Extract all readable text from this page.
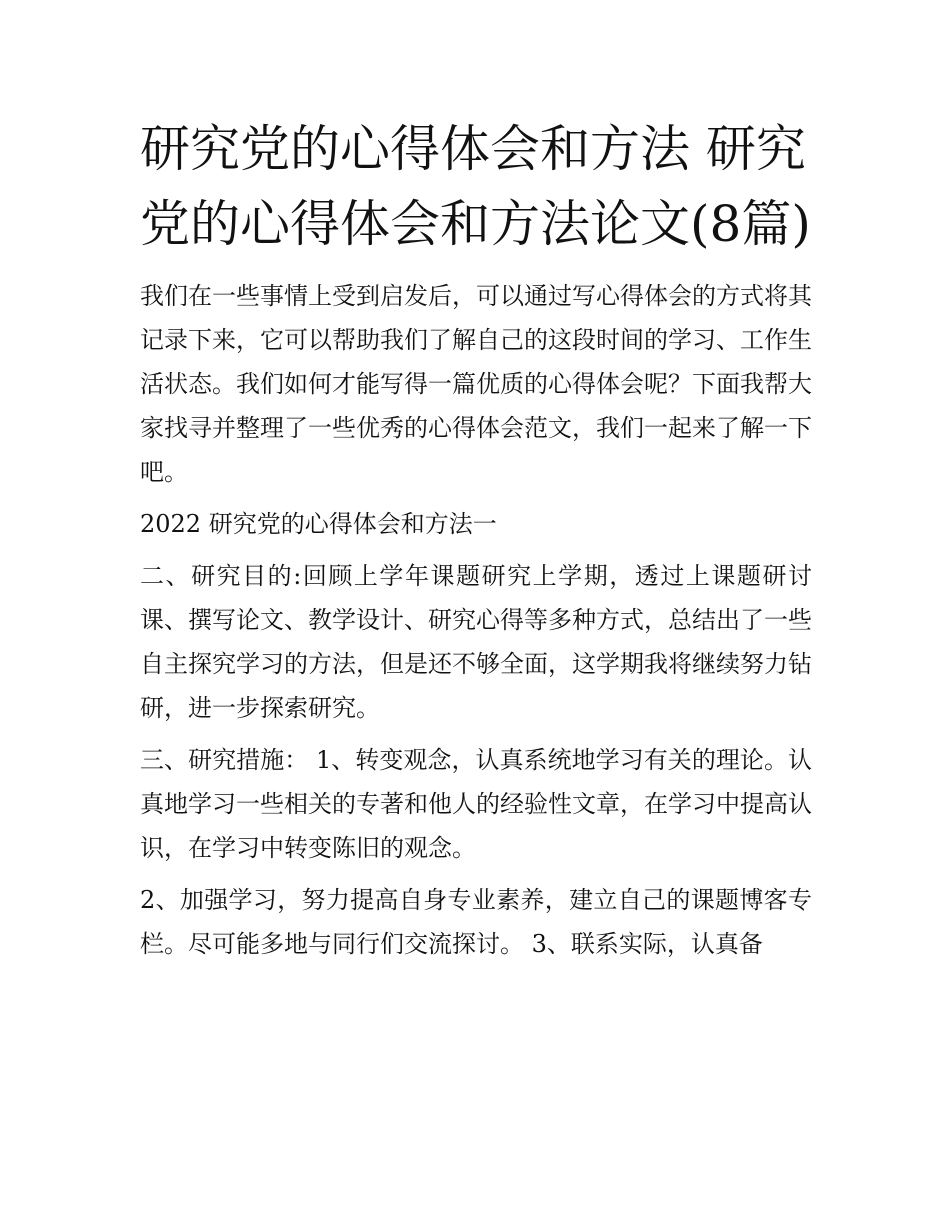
研究党的心得体会和方法 研究党的心得体会和方法论文(8篇)

我们在一些事情上受到启发后，可以通过写心得体会的方式将其记录下来，它可以帮助我们了解自己的这段时间的学习、工作生活状态。我们如何才能写得一篇优质的心得体会呢？下面我帮大家找寻并整理了一些优秀的心得体会范文，我们一起来了解一下吧。

2022 研究党的心得体会和方法一

二、研究目的:回顾上学年课题研究上学期，透过上课题研讨课、撰写论文、教学设计、研究心得等多种方式，总结出了一些自主探究学习的方法，但是还不够全面，这学期我将继续努力钻研，进一步探索研究。

三、研究措施： 1、转变观念，认真系统地学习有关的理论。认真地学习一些相关的专著和他人的经验性文章，在学习中提高认识，在学习中转变陈旧的观念。

2、加强学习，努力提高自身专业素养，建立自己的课题博客专栏。尽可能多地与同行们交流探讨。 3、联系实际，认真备
